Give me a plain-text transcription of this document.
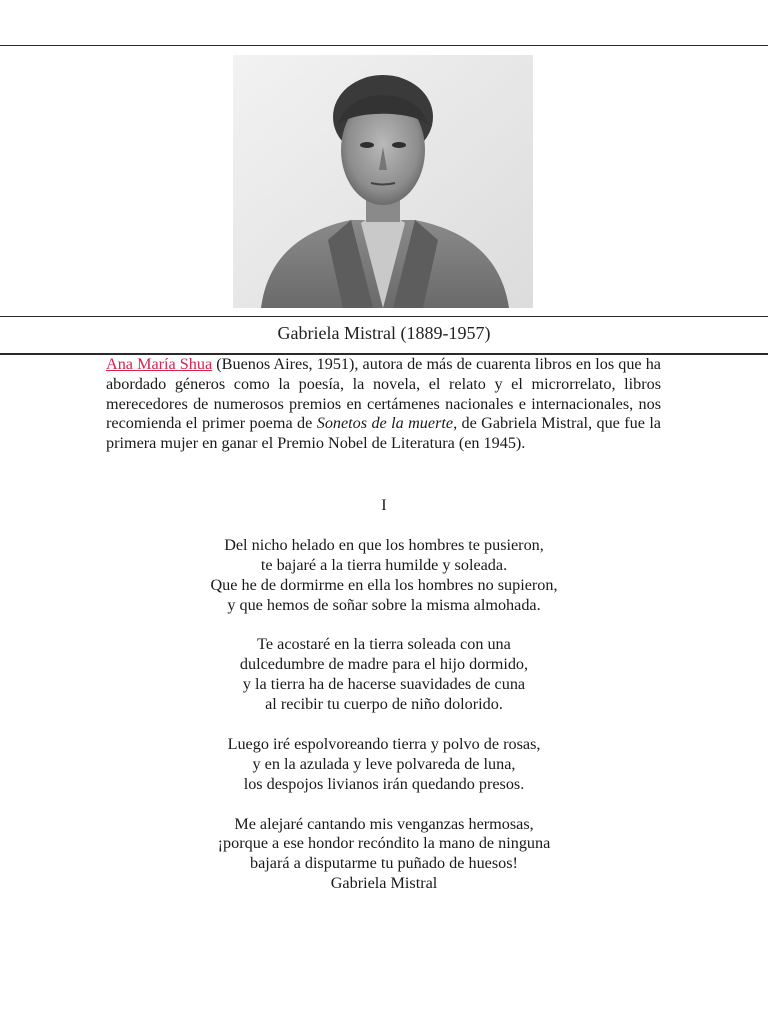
Gabriela Mistral (1889-1957)
Ana María Shua (Buenos Aires, 1951), autora de más de cuarenta libros en los que ha abordado géneros como la poesía, la novela, el relato y el microrrelato, libros merecedores de numerosos premios en certámenes nacionales e internacionales, nos recomienda el primer poema de Sonetos de la muerte, de Gabriela Mistral, que fue la primera mujer en ganar el Premio Nobel de Literatura (en 1945).
I
Del nicho helado en que los hombres te pusieron,
te bajaré a la tierra humilde y soleada.
Que he de dormirme en ella los hombres no supieron,
y que hemos de soñar sobre la misma almohada.
Te acostaré en la tierra soleada con una
dulcedumbre de madre para el hijo dormido,
y la tierra ha de hacerse suavidades de cuna
al recibir tu cuerpo de niño dolorido.
Luego iré espolvoreando tierra y polvo de rosas,
y en la azulada y leve polvareda de luna,
los despojos livianos irán quedando presos.
Me alejaré cantando mis venganzas hermosas,
¡porque a ese hondor recóndito la mano de ninguna
bajará a disputarme tu puñado de huesos!
Gabriela Mistral
